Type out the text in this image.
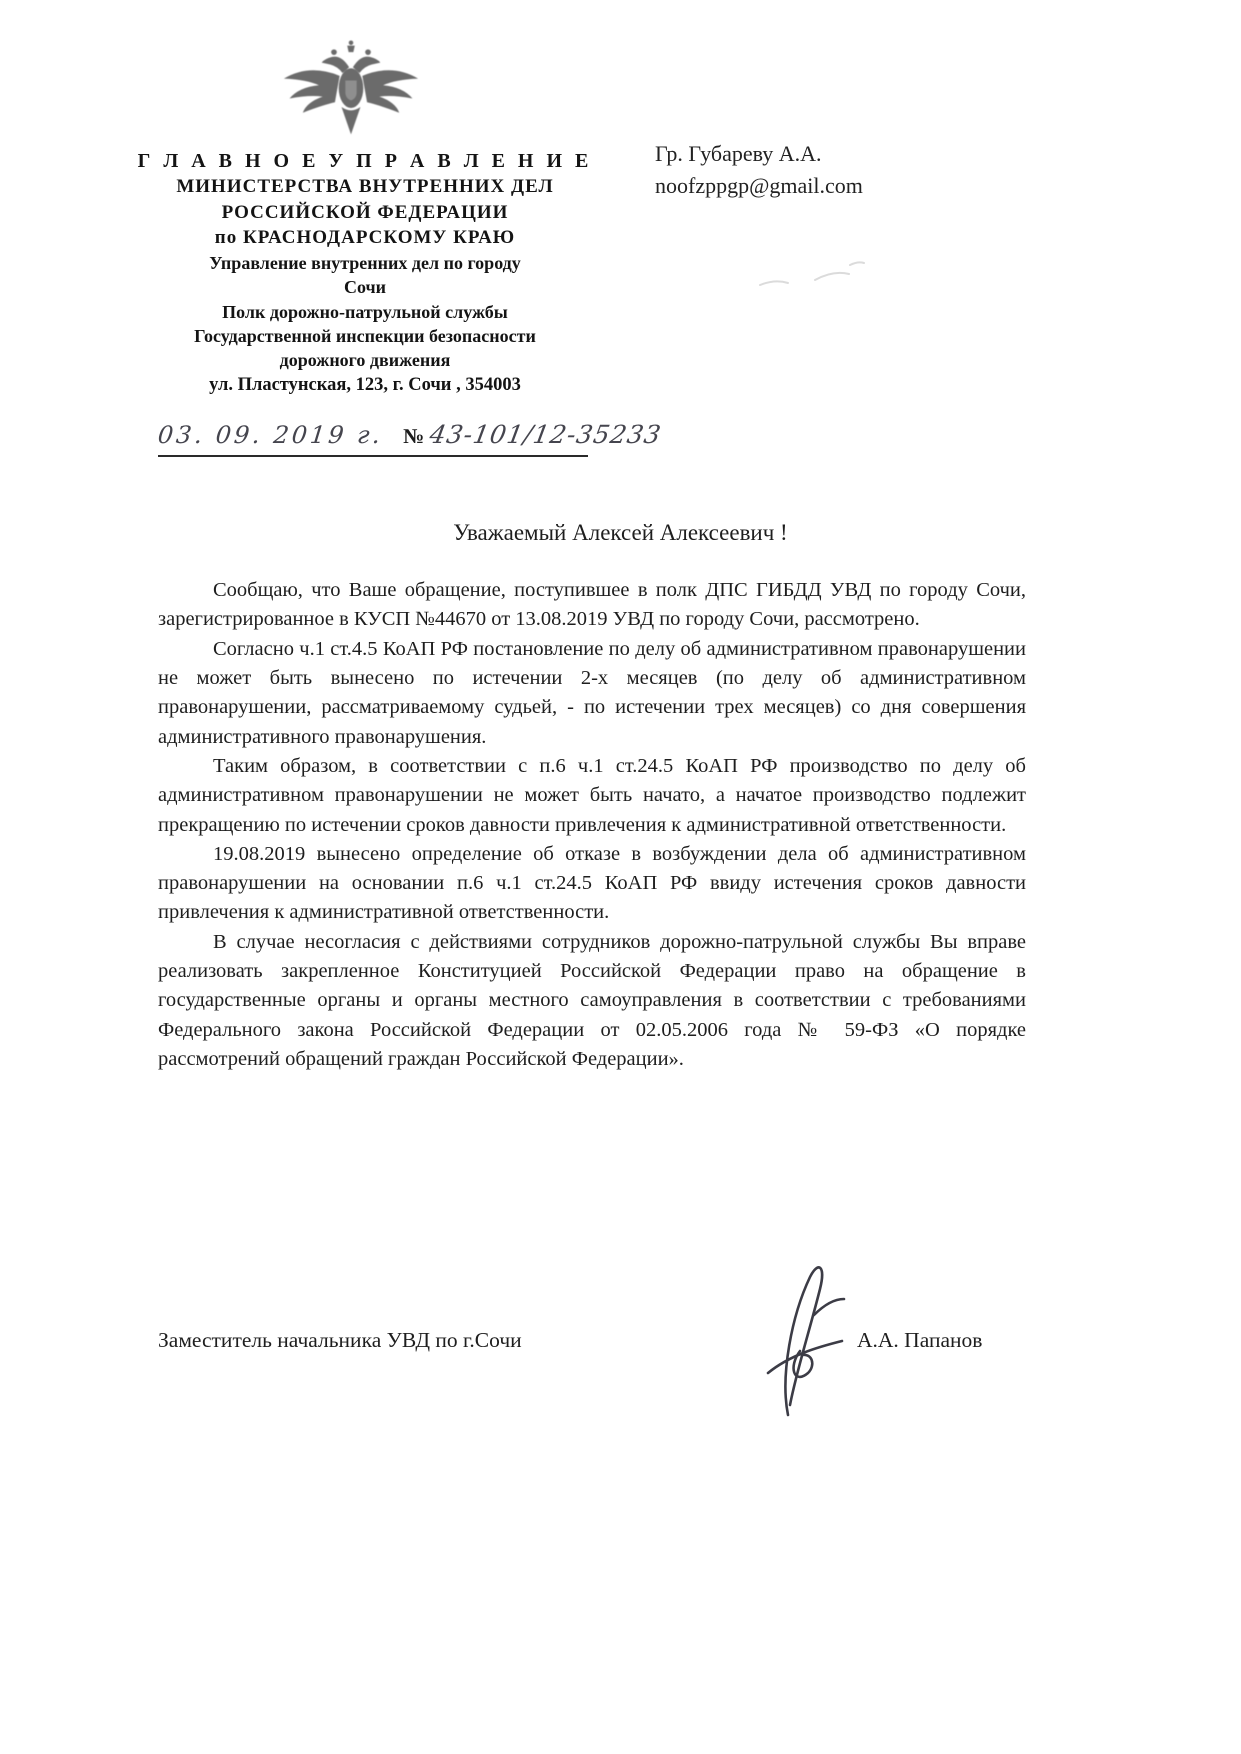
Г Л А В Н О Е У П Р А В Л Е Н И Е
МИНИСТЕРСТВА ВНУТРЕННИХ ДЕЛ
РОССИЙСКОЙ ФЕДЕРАЦИИ
по КРАСНОДАРСКОМУ КРАЮ
Управление внутренних дел по городу
Сочи
Полк дорожно-патрульной службы
Государственной инспекции безопасности
дорожного движения
ул. Пластунская, 123, г. Сочи , 354003
Гр. Губареву А.А.
noofzppgp@gmail.com
03. 09. 2019 г. № 43-101/12-35233
Уважаемый Алексей Алексеевич !

Сообщаю, что Ваше обращение, поступившее в полк ДПС ГИБДД УВД по городу Сочи, зарегистрированное в КУСП №44670 от 13.08.2019 УВД по городу Сочи, рассмотрено.

Согласно ч.1 ст.4.5 КоАП РФ постановление по делу об административном правонарушении не может быть вынесено по истечении 2-х месяцев (по делу об административном правонарушении, рассматриваемому судьей, - по истечении трех месяцев) со дня совершения административного правонарушения.

Таким образом, в соответствии с п.6 ч.1 ст.24.5 КоАП РФ производство по делу об административном правонарушении не может быть начато, а начатое производство подлежит прекращению по истечении сроков давности привлечения к административной ответственности.

19.08.2019 вынесено определение об отказе в возбуждении дела об административном правонарушении на основании п.6 ч.1 ст.24.5 КоАП РФ ввиду истечения сроков давности привлечения к административной ответственности.

В случае несогласия с действиями сотрудников дорожно-патрульной службы Вы вправе реализовать закрепленное Конституцией Российской Федерации право на обращение в государственные органы и органы местного самоуправления в соответствии с требованиями Федерального закона Российской Федерации от 02.05.2006 года № 59-ФЗ «О порядке рассмотрений обращений граждан Российской Федерации».

Заместитель начальника УВД по г.Сочи	А.А. Папанов
